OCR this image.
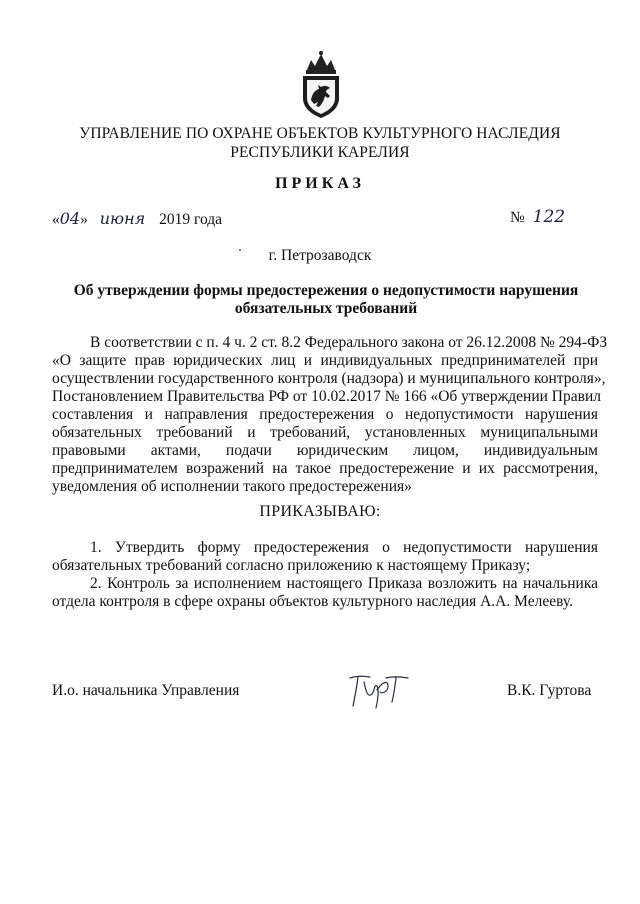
УПРАВЛЕНИЕ ПО ОХРАНЕ ОБЪЕКТОВ КУЛЬТУРНОГО НАСЛЕДИЯ
РЕСПУБЛИКИ КАРЕЛИЯ
ПРИКАЗ
«04» июня 2019 года	№ 122
г. Петрозаводск
Об утверждении формы предостережения о недопустимости нарушения
обязательных требований
В соответствии с п. 4 ч. 2 ст. 8.2 Федерального закона от 26.12.2008 № 294-ФЗ
«О защите прав юридических лиц и индивидуальных предпринимателей при
осуществлении государственного контроля (надзора) и муниципального контроля»,
Постановлением Правительства РФ от 10.02.2017 № 166 «Об утверждении Правил
составления и направления предостережения о недопустимости нарушения
обязательных требований и требований, установленных муниципальными
правовыми актами, подачи юридическим лицом, индивидуальным
предпринимателем возражений на такое предостережение и их рассмотрения,
уведомления об исполнении такого предостережения»
ПРИКАЗЫВАЮ:
1. Утвердить форму предостережения о недопустимости нарушения
обязательных требований согласно приложению к настоящему Приказу;
2. Контроль за исполнением настоящего Приказа возложить на начальника
отдела контроля в сфере охраны объектов культурного наследия А.А. Мелееву.
И.о. начальника Управления	В.К. Гуртова
